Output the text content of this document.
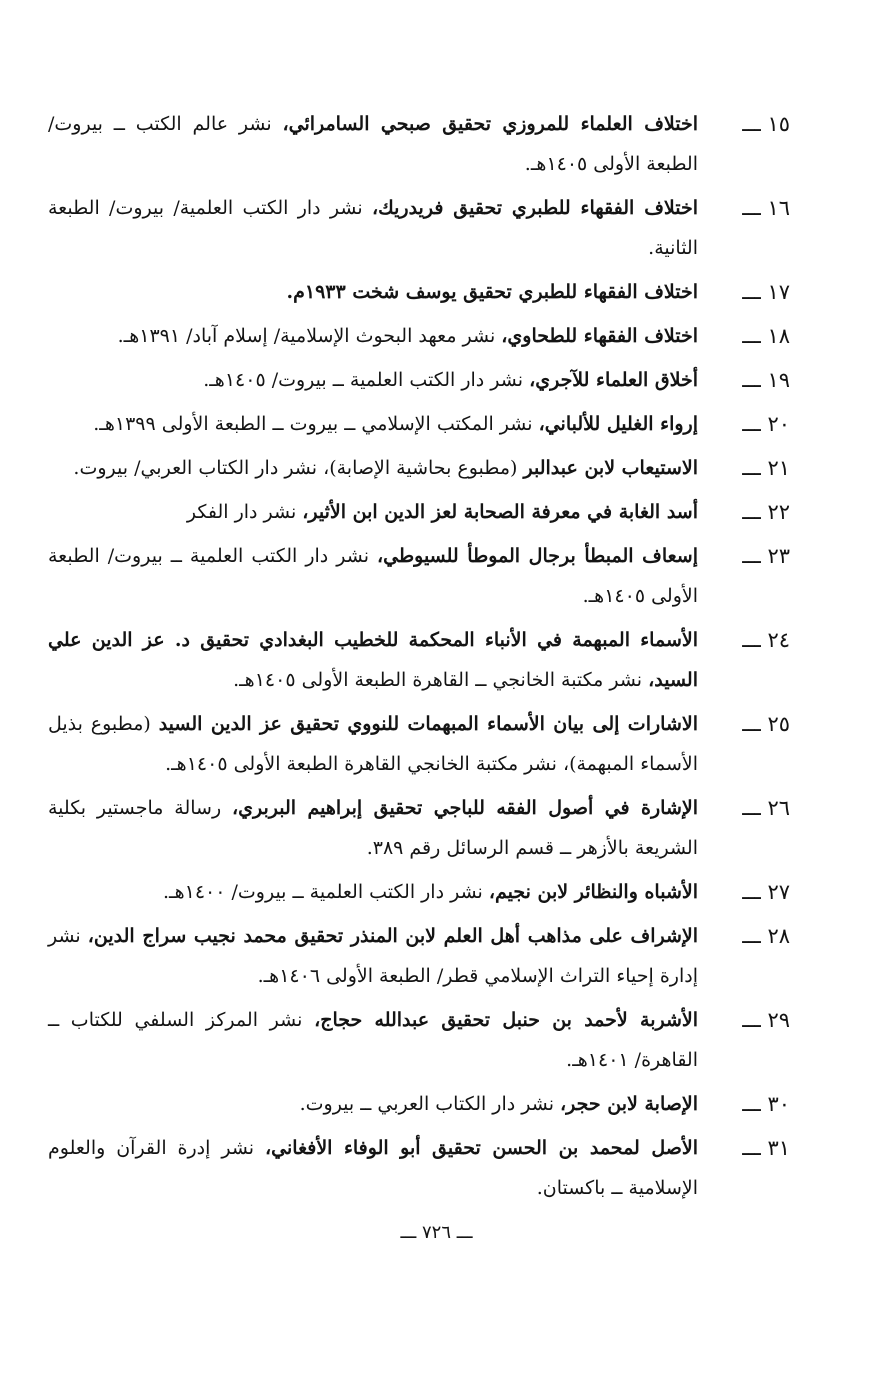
١٥ ـــ
اختلاف العلماء للمروزي تحقيق صبحي السامرائي، نشر عالم الكتب ــ بيروت/ الطبعة الأولى ١٤٠٥هـ.
١٦ ـــ
اختلاف الفقهاء للطبري تحقيق فريدريك، نشر دار الكتب العلمية/ بيروت/ الطبعة الثانية.
١٧ ـــ
اختلاف الفقهاء للطبري تحقيق يوسف شخت ١٩٣٣م.
١٨ ـــ
اختلاف الفقهاء للطحاوي، نشر معهد البحوث الإسلامية/ إسلام آباد/ ١٣٩١هـ.
١٩ ـــ
أخلاق العلماء للآجري، نشر دار الكتب العلمية ــ بيروت/ ١٤٠٥هـ.
٢٠ ـــ
إرواء الغليل للألباني، نشر المكتب الإسلامي ــ بيروت ــ الطبعة الأولى ١٣٩٩هـ.
٢١ ـــ
الاستيعاب لابن عبدالبر (مطبوع بحاشية الإصابة)، نشر دار الكتاب العربي/ بيروت.
٢٢ ـــ
أسد الغابة في معرفة الصحابة لعز الدين ابن الأثير، نشر دار الفكر
٢٣ ـــ
إسعاف المبطأ برجال الموطأ للسيوطي، نشر دار الكتب العلمية ــ بيروت/ الطبعة الأولى ١٤٠٥هـ.
٢٤ ـــ
الأسماء المبهمة في الأنباء المحكمة للخطيب البغدادي تحقيق د. عز الدين علي السيد، نشر مكتبة الخانجي ــ القاهرة الطبعة الأولى ١٤٠٥هـ.
٢٥ ـــ
الاشارات إلى بيان الأسماء المبهمات للنووي تحقيق عز الدين السيد (مطبوع بذيل الأسماء المبهمة)، نشر مكتبة الخانجي القاهرة الطبعة الأولى ١٤٠٥هـ.
٢٦ ـــ
الإشارة في أصول الفقه للباجي تحقيق إبراهيم البربري، رسالة ماجستير بكلية الشريعة بالأزهر ــ قسم الرسائل رقم ٣٨٩.
٢٧ ـــ
الأشباه والنظائر لابن نجيم، نشر دار الكتب العلمية ــ بيروت/ ١٤٠٠هـ.
٢٨ ـــ
الإشراف على مذاهب أهل العلم لابن المنذر تحقيق محمد نجيب سراج الدين، نشر إدارة إحياء التراث الإسلامي قطر/ الطبعة الأولى ١٤٠٦هـ.
٢٩ ـــ
الأشربة لأحمد بن حنبل تحقيق عبدالله حجاج، نشر المركز السلفي للكتاب ــ القاهرة/ ١٤٠١هـ.
٣٠ ـــ
الإصابة لابن حجر، نشر دار الكتاب العربي ــ بيروت.
٣١ ـــ
الأصل لمحمد بن الحسن تحقيق أبو الوفاء الأفغاني، نشر إدرة القرآن والعلوم الإسلامية ــ باكستان.
ـــ ٧٢٦ ـــ
